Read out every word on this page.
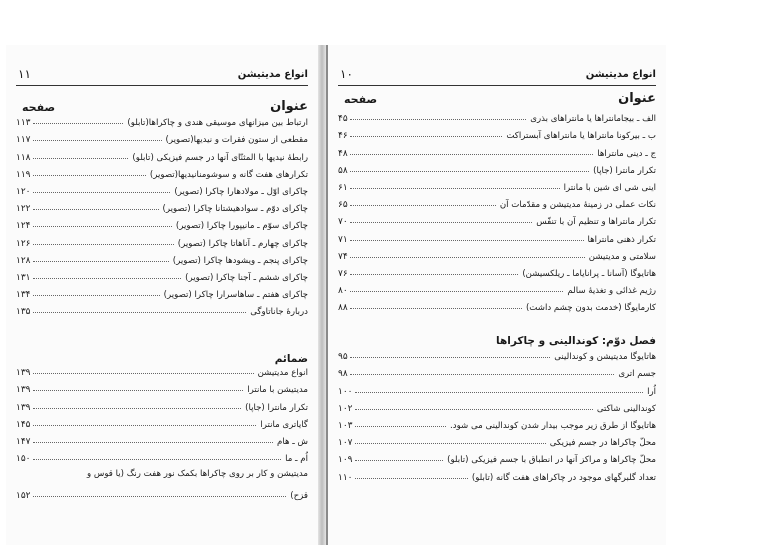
انواع مدیتیشن
۱۱
عنوان
صفحه
ارتباط بین میزانهای موسیقی هندی و چاکراها(تابلو)
۱۱۳
مقطعی از ستون فقرات و نیدیها(تصویر)
۱۱۷
رابطهٔ نیدیها با المثنّای آنها در جسم فیزیکی (تابلو)
۱۱۸
تکرارهای هفت گانه و سوشومنانیدیها(تصویر)
۱۱۹
چاکرای اوّل ـ مولادهارا چاکرا (تصویر)
۱۲۰
چاکرای دوّم ـ سوادهیشتانا چاکرا (تصویر)
۱۲۲
چاکرای سوّم ـ مانیپورا چاکرا (تصویر)
۱۲۴
چاکرای چهارم ـ آناهاتا چاکرا (تصویر)
۱۲۶
چاکرای پنجم ـ ویشودها چاکرا (تصویر)
۱۲۸
چاکرای ششم ـ آجنا چاکرا (تصویر)
۱۳۱
چاکرای هفتم ـ ساهاسرارا چاکرا (تصویر)
۱۳۴
دربارهٔ جاناتاوگی
۱۳۵
ضمائم
انواع مدیتیشن
۱۳۹
مدیتیشن با مانترا
۱۳۹
تکرار مانترا (جاپا)
۱۳۹
گایاتری مانترا
۱۴۵
ش ـ هام
۱۴۷
اُم ـ ما
۱۵۰
مدیتیشن و کار بر روی چاکراها بکمک نور هفت رنگ (یا قوس و
قزح)
۱۵۲
انواع مدیتیشن
۱۰
عنوان
صفحه
الف ـ بیجامانتراها یا مانتراهای بذری
۴۵
ب ـ بیرکونا مانتراها یا مانتراهای آبستراکت
۴۶
ج ـ دینی مانتراها
۴۸
تکرار مانترا (جاپا)
۵۸
اینی شی ای شین با مانترا
۶۱
نکات عملی در زمینهٔ مدیتیشن و مقدّمات آن
۶۵
تکرار مانتراها و تنظیم آن با تنفّس
۷۰
تکرار ذهنی مانتراها
۷۱
سلامتی و مدیتیشن
۷۴
هاتایوگا (آسانا ـ پرانایاما ـ ریلکسیشن)
۷۶
رژیم غذائی و تغذیهٔ سالم
۸۰
کارمایوگا (خدمت بدون چشم داشت)
۸۸
فصل دوّم: کوندالینی و چاکراها
هاتایوگا مدیتیشن و کوندالینی
۹۵
جسم اتری
۹۸
اُرا
۱۰۰
کوندالینی شاکتی
۱۰۲
هاتایوگا از طرق زیر موجب بیدار شدن کوندالینی می شود.
۱۰۳
محلّ چاکراها در جسم فیزیکی
۱۰۷
محلّ چاکراها و مراکز آنها در انطباق با جسم فیزیکی (تابلو)
۱۰۹
تعداد گلبرگهای موجود در چاکراهای هفت گانه (تابلو)
۱۱۰
